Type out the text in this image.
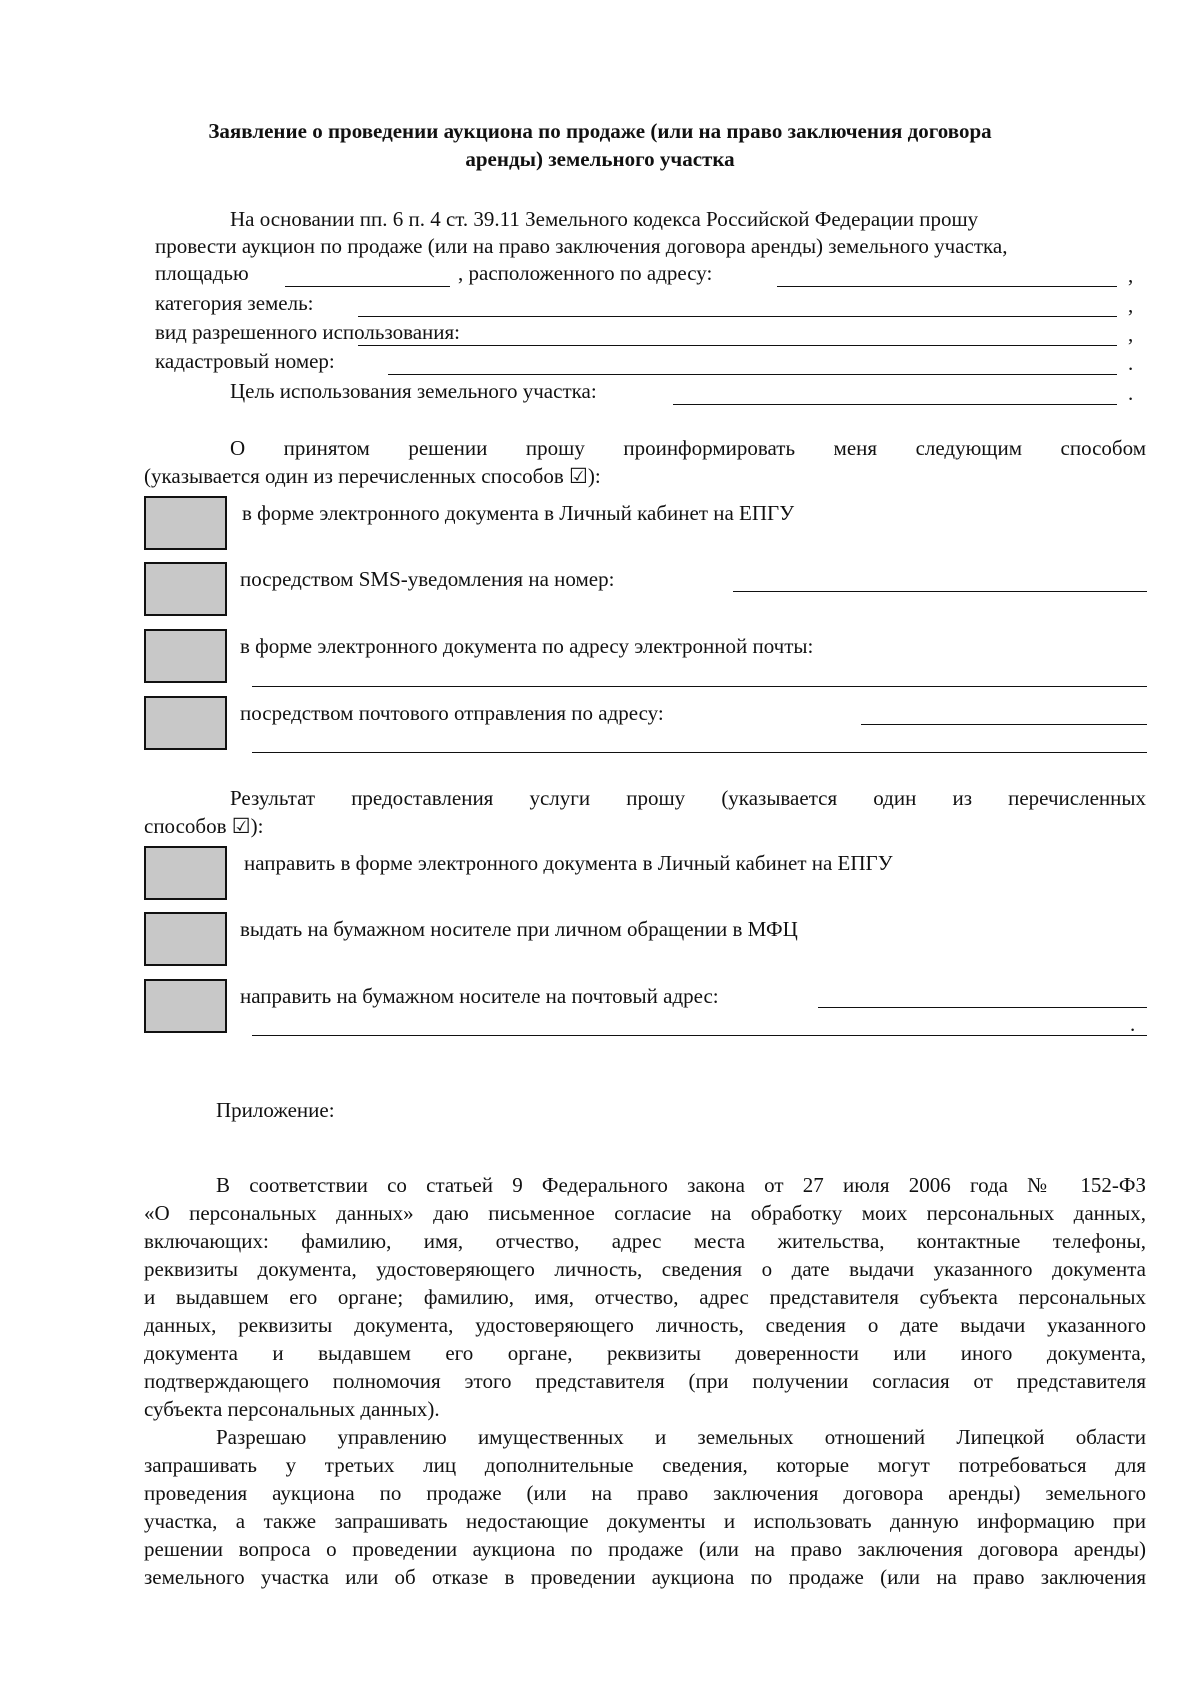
Заявление о проведении аукциона по продаже (или на право заключения договора
аренды) земельного участка
На основании пп. 6 п. 4 ст. 39.11 Земельного кодекса Российской Федерации прошу
провести аукцион по продаже (или на право заключения договора аренды) земельного участка,
площадью	, расположенного по адресу:	,
категория земель:	,
вид разрешенного использования:	,
кадастровый номер:	.
Цель использования земельного участка:	.
О принятом решении прошу проинформировать меня следующим способом
(указывается один из перечисленных способов ☑):
в форме электронного документа в Личный кабинет на ЕПГУ
посредством SMS-уведомления на номер:
в форме электронного документа по адресу электронной почты:
посредством почтового отправления по адресу:
Результат предоставления услуги прошу (указывается один из перечисленных
способов ☑):
направить в форме электронного документа в Личный кабинет на ЕПГУ
выдать на бумажном носителе при личном обращении в МФЦ
направить на бумажном носителе на почтовый адрес:
.
Приложение:
В соответствии со статьей 9 Федерального закона от 27 июля 2006 года № 152-ФЗ
«О персональных данных» даю письменное согласие на обработку моих персональных данных,
включающих: фамилию, имя, отчество, адрес места жительства, контактные телефоны,
реквизиты документа, удостоверяющего личность, сведения о дате выдачи указанного документа
и выдавшем его органе; фамилию, имя, отчество, адрес представителя субъекта персональных
данных, реквизиты документа, удостоверяющего личность, сведения о дате выдачи указанного
документа и выдавшем его органе, реквизиты доверенности или иного документа,
подтверждающего полномочия этого представителя (при получении согласия от представителя
субъекта персональных данных).
Разрешаю управлению имущественных и земельных отношений Липецкой области
запрашивать у третьих лиц дополнительные сведения, которые могут потребоваться для
проведения аукциона по продаже (или на право заключения договора аренды) земельного
участка, а также запрашивать недостающие документы и использовать данную информацию при
решении вопроса о проведении аукциона по продаже (или на право заключения договора аренды)
земельного участка или об отказе в проведении аукциона по продаже (или на право заключения
